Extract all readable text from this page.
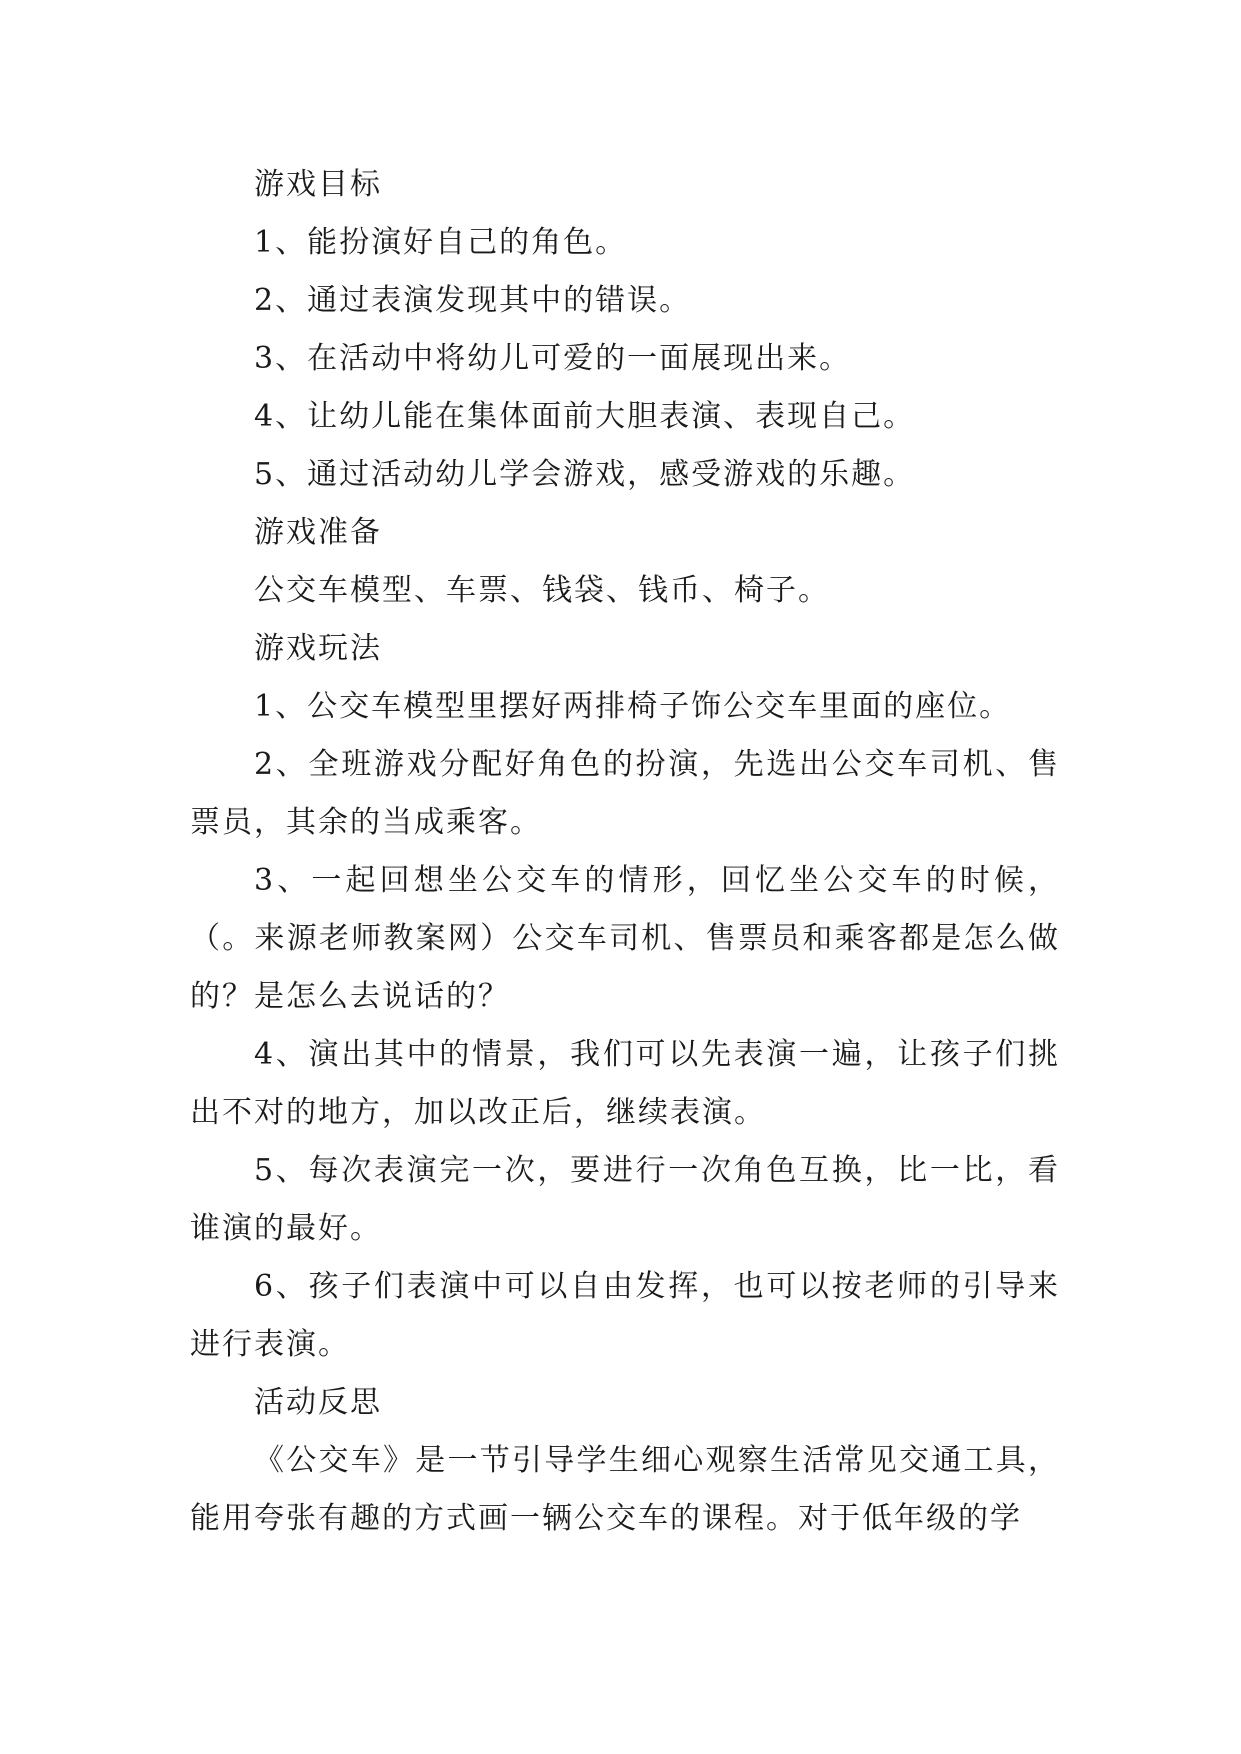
游戏目标

1、能扮演好自己的角色。

2、通过表演发现其中的错误。

3、在活动中将幼儿可爱的一面展现出来。

4、让幼儿能在集体面前大胆表演、表现自己。

5、通过活动幼儿学会游戏，感受游戏的乐趣。

游戏准备

公交车模型、车票、钱袋、钱币、椅子。

游戏玩法

1、公交车模型里摆好两排椅子饰公交车里面的座位。

2、全班游戏分配好角色的扮演，先选出公交车司机、售票员，其余的当成乘客。

3、一起回想坐公交车的情形，回忆坐公交车的时候，（。来源老师教案网）公交车司机、售票员和乘客都是怎么做的？是怎么去说话的？

4、演出其中的情景，我们可以先表演一遍，让孩子们挑出不对的地方，加以改正后，继续表演。

5、每次表演完一次，要进行一次角色互换，比一比，看谁演的最好。

6、孩子们表演中可以自由发挥，也可以按老师的引导来进行表演。

活动反思

《公交车》是一节引导学生细心观察生活常见交通工具，能用夸张有趣的方式画一辆公交车的课程。对于低年级的学
